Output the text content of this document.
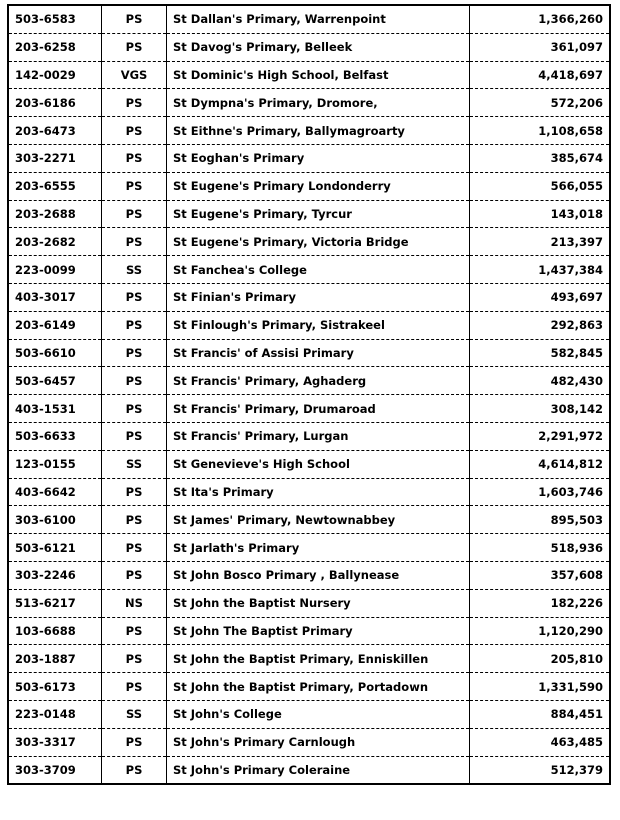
503-6583	PS	St Dallan's Primary, Warrenpoint	1,366,260
203-6258	PS	St Davog's Primary, Belleek	361,097
142-0029	VGS	St Dominic's High School, Belfast	4,418,697
203-6186	PS	St Dympna's Primary, Dromore,	572,206
203-6473	PS	St Eithne's Primary, Ballymagroarty	1,108,658
303-2271	PS	St Eoghan's Primary	385,674
203-6555	PS	St Eugene's Primary Londonderry	566,055
203-2688	PS	St Eugene's Primary, Tyrcur	143,018
203-2682	PS	St Eugene's Primary, Victoria Bridge	213,397
223-0099	SS	St Fanchea's College	1,437,384
403-3017	PS	St Finian's Primary	493,697
203-6149	PS	St Finlough's Primary, Sistrakeel	292,863
503-6610	PS	St Francis' of Assisi Primary	582,845
503-6457	PS	St Francis' Primary, Aghaderg	482,430
403-1531	PS	St Francis' Primary, Drumaroad	308,142
503-6633	PS	St Francis' Primary, Lurgan	2,291,972
123-0155	SS	St Genevieve's High School	4,614,812
403-6642	PS	St Ita's Primary	1,603,746
303-6100	PS	St James' Primary, Newtownabbey	895,503
503-6121	PS	St Jarlath's Primary	518,936
303-2246	PS	St John Bosco Primary , Ballynease	357,608
513-6217	NS	St John the Baptist Nursery	182,226
103-6688	PS	St John The Baptist Primary	1,120,290
203-1887	PS	St John the Baptist Primary, Enniskillen	205,810
503-6173	PS	St John the Baptist Primary, Portadown	1,331,590
223-0148	SS	St John's College	884,451
303-3317	PS	St John's Primary Carnlough	463,485
303-3709	PS	St John's Primary Coleraine	512,379
